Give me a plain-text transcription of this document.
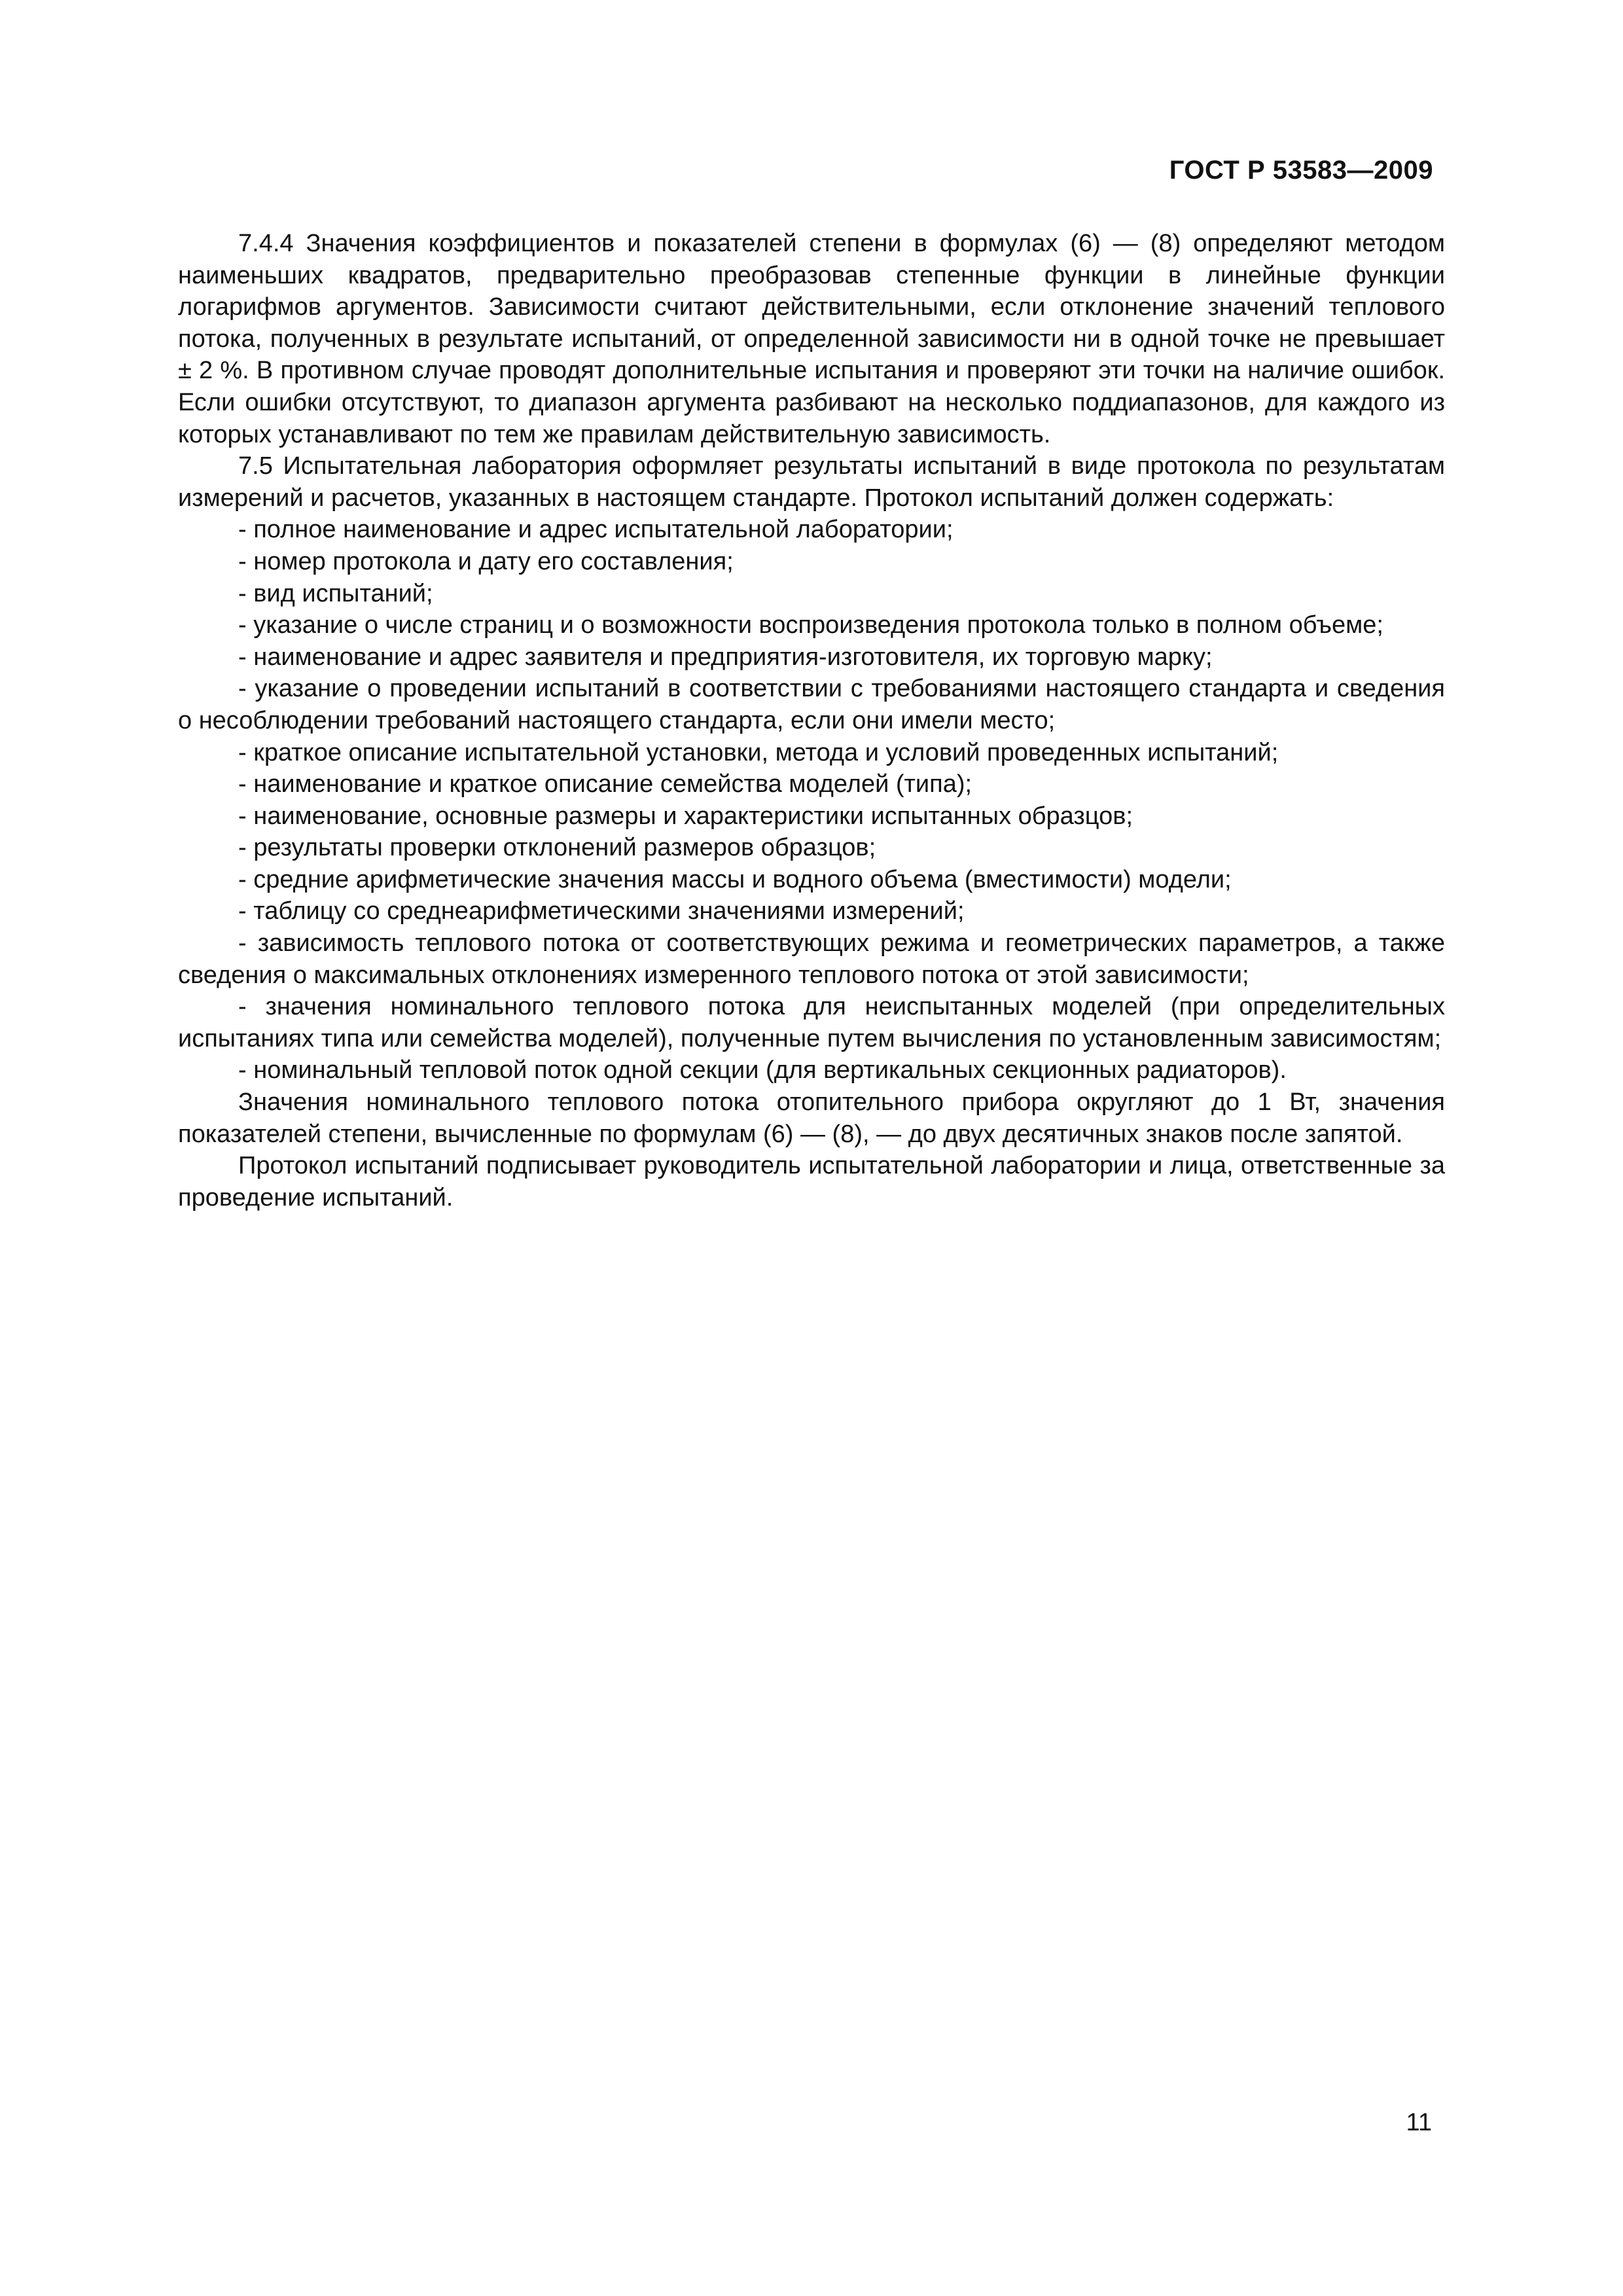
ГОСТ Р 53583—2009

7.4.4 Значения коэффициентов и показателей степени в формулах (6) — (8) определяют методом наименьших квадратов, предварительно преобразовав степенные функции в линейные функции логарифмов аргументов. Зависимости считают действительными, если отклонение значений теплового потока, полученных в результате испытаний, от определенной зависимости ни в одной точке не превышает ± 2 %. В противном случае проводят дополнительные испытания и проверяют эти точки на наличие ошибок. Если ошибки отсутствуют, то диапазон аргумента разбивают на несколько поддиапазонов, для каждого из которых устанавливают по тем же правилам действительную зависимость.

7.5 Испытательная лаборатория оформляет результаты испытаний в виде протокола по результатам измерений и расчетов, указанных в настоящем стандарте. Протокол испытаний должен содержать:

- полное наименование и адрес испытательной лаборатории;
- номер протокола и дату его составления;
- вид испытаний;
- указание о числе страниц и о возможности воспроизведения протокола только в полном объеме;
- наименование и адрес заявителя и предприятия-изготовителя, их торговую марку;
- указание о проведении испытаний в соответствии с требованиями настоящего стандарта и сведения о несоблюдении требований настоящего стандарта, если они имели место;
- краткое описание испытательной установки, метода и условий проведенных испытаний;
- наименование и краткое описание семейства моделей (типа);
- наименование, основные размеры и характеристики испытанных образцов;
- результаты проверки отклонений размеров образцов;
- средние арифметические значения массы и водного объема (вместимости) модели;
- таблицу со среднеарифметическими значениями измерений;
- зависимость теплового потока от соответствующих режима и геометрических параметров, а также сведения о максимальных отклонениях измеренного теплового потока от этой зависимости;
- значения номинального теплового потока для неиспытанных моделей (при определительных испытаниях типа или семейства моделей), полученные путем вычисления по установленным зависимостям;
- номинальный тепловой поток одной секции (для вертикальных секционных радиаторов).

Значения номинального теплового потока отопительного прибора округляют до 1 Вт, значения показателей степени, вычисленные по формулам (6) — (8), — до двух десятичных знаков после запятой.

Протокол испытаний подписывает руководитель испытательной лаборатории и лица, ответственные за проведение испытаний.

11
